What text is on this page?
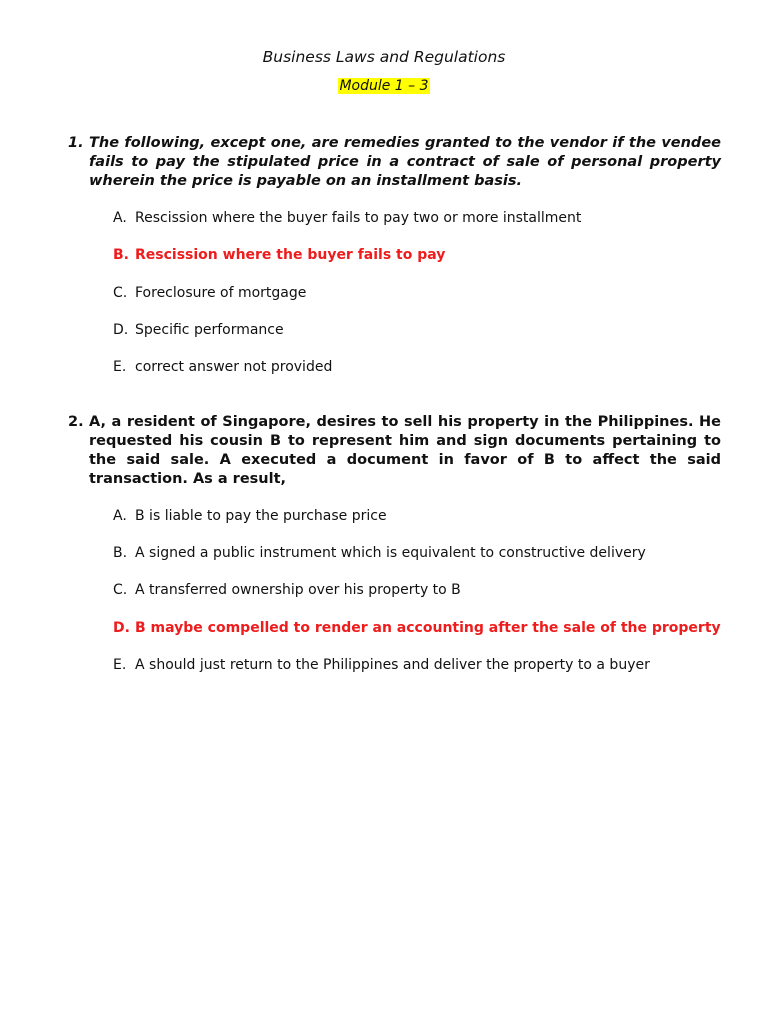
Business Laws and Regulations
Module 1 – 3
1. The following, except one, are remedies granted to the vendor if the vendee fails to pay the stipulated price in a contract of sale of personal property wherein the price is payable on an installment basis.
A. Rescission where the buyer fails to pay two or more installment
B. Rescission where the buyer fails to pay
C. Foreclosure of mortgage
D. Specific performance
E. correct answer not provided
2. A, a resident of Singapore, desires to sell his property in the Philippines. He requested his cousin B to represent him and sign documents pertaining to the said sale. A executed a document in favor of B to affect the said transaction. As a result,
A. B is liable to pay the purchase price
B. A signed a public instrument which is equivalent to constructive delivery
C. A transferred ownership over his property to B
D. B maybe compelled to render an accounting after the sale of the property
E. A should just return to the Philippines and deliver the property to a buyer
